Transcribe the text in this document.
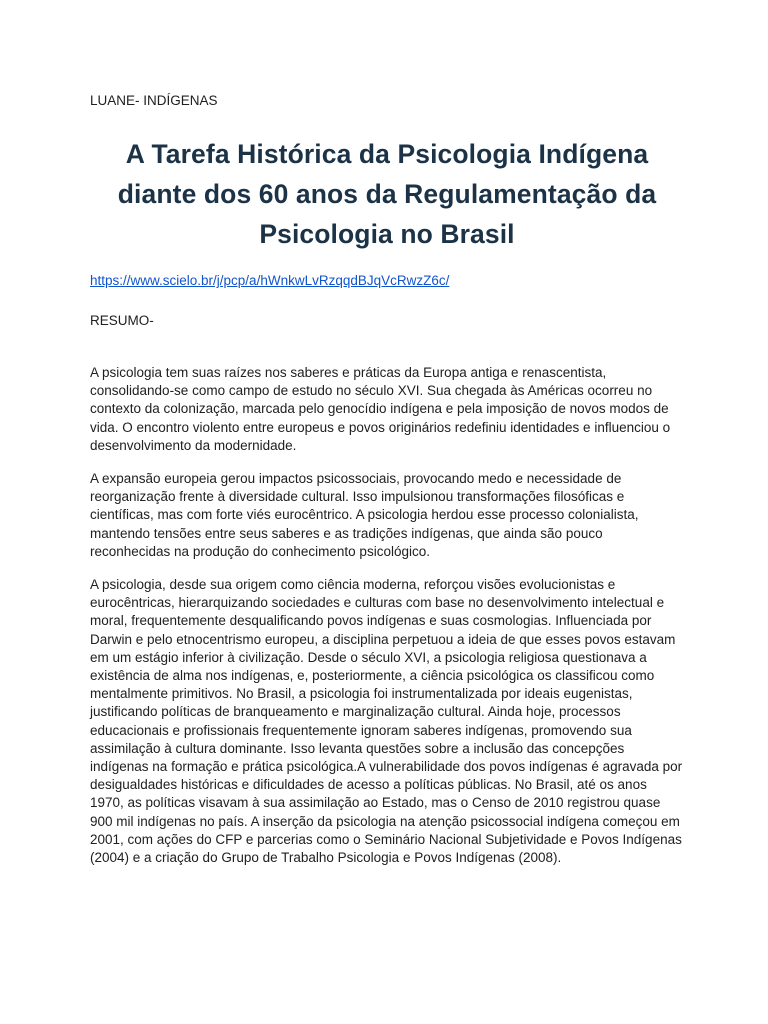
LUANE- INDÍGENAS

A Tarefa Histórica da Psicologia Indígena diante dos 60 anos da Regulamentação da Psicologia no Brasil
https://www.scielo.br/j/pcp/a/hWnkwLvRzqqdBJqVcRwzZ6c/

RESUMO-

A psicologia tem suas raízes nos saberes e práticas da Europa antiga e renascentista, consolidando-se como campo de estudo no século XVI. Sua chegada às Américas ocorreu no contexto da colonização, marcada pelo genocídio indígena e pela imposição de novos modos de vida. O encontro violento entre europeus e povos originários redefiniu identidades e influenciou o desenvolvimento da modernidade.

A expansão europeia gerou impactos psicossociais, provocando medo e necessidade de reorganização frente à diversidade cultural. Isso impulsionou transformações filosóficas e científicas, mas com forte viés eurocêntrico. A psicologia herdou esse processo colonialista, mantendo tensões entre seus saberes e as tradições indígenas, que ainda são pouco reconhecidas na produção do conhecimento psicológico.

A psicologia, desde sua origem como ciência moderna, reforçou visões evolucionistas e eurocêntricas, hierarquizando sociedades e culturas com base no desenvolvimento intelectual e moral, frequentemente desqualificando povos indígenas e suas cosmologias. Influenciada por Darwin e pelo etnocentrismo europeu, a disciplina perpetuou a ideia de que esses povos estavam em um estágio inferior à civilização. Desde o século XVI, a psicologia religiosa questionava a existência de alma nos indígenas, e, posteriormente, a ciência psicológica os classificou como mentalmente primitivos. No Brasil, a psicologia foi instrumentalizada por ideais eugenistas, justificando políticas de branqueamento e marginalização cultural. Ainda hoje, processos educacionais e profissionais frequentemente ignoram saberes indígenas, promovendo sua assimilação à cultura dominante. Isso levanta questões sobre a inclusão das concepções indígenas na formação e prática psicológica.A vulnerabilidade dos povos indígenas é agravada por desigualdades históricas e dificuldades de acesso a políticas públicas. No Brasil, até os anos 1970, as políticas visavam à sua assimilação ao Estado, mas o Censo de 2010 registrou quase 900 mil indígenas no país. A inserção da psicologia na atenção psicossocial indígena começou em 2001, com ações do CFP e parcerias como o Seminário Nacional Subjetividade e Povos Indígenas (2004) e a criação do Grupo de Trabalho Psicologia e Povos Indígenas (2008).
